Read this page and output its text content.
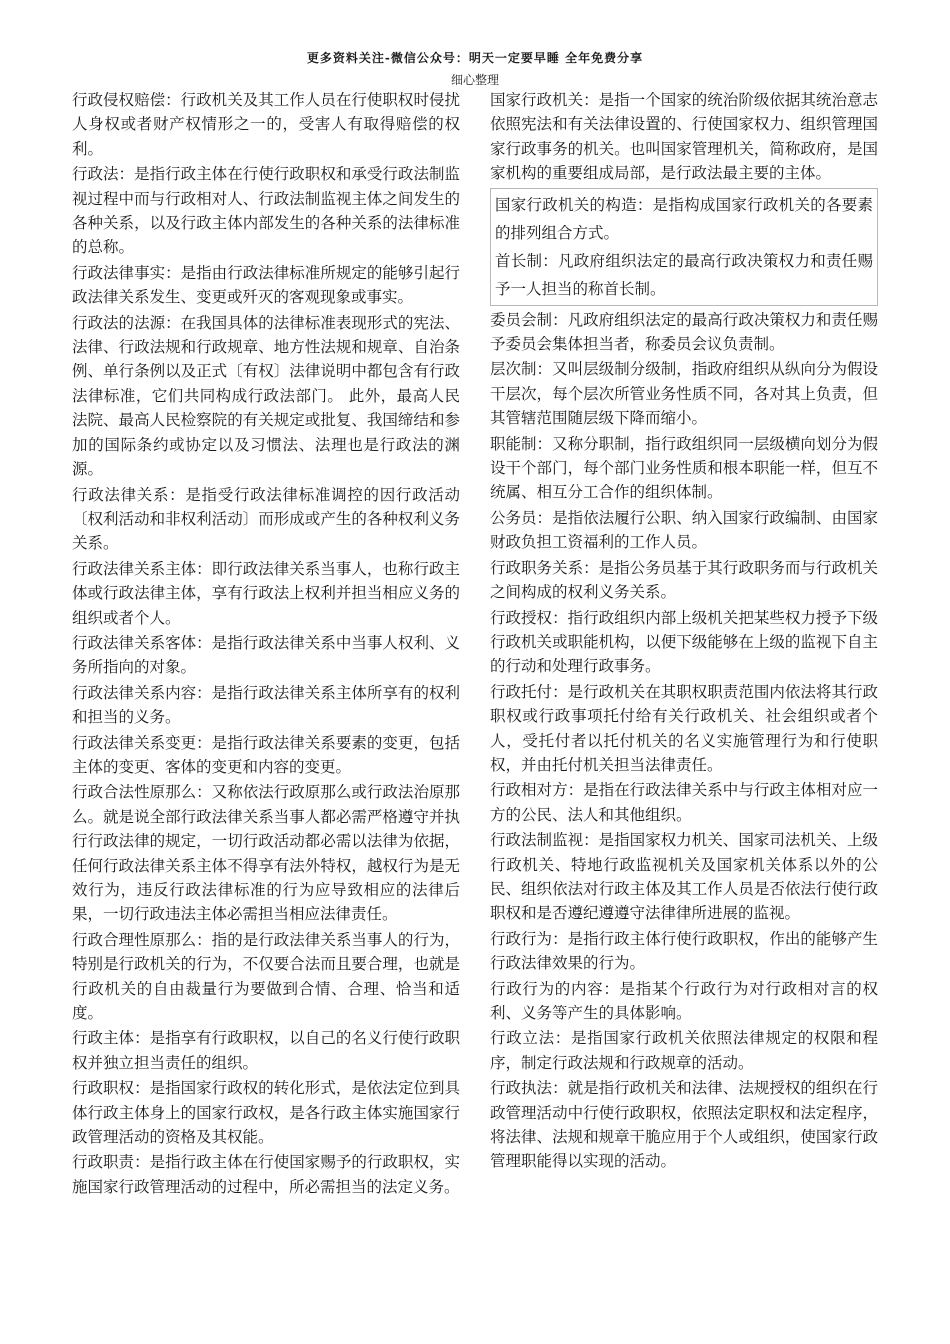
更多资料关注-微信公众号：明天一定要早睡 全年免费分享
细心整理

行政侵权赔偿：行政机关及其工作人员在行使职权时侵扰人身权或者财产权情形之一的，受害人有取得赔偿的权利。

行政法：是指行政主体在行使行政职权和承受行政法制监视过程中而与行政相对人、行政法制监视主体之间发生的各种关系，以及行政主体内部发生的各种关系的法律标准的总称。

行政法律事实：是指由行政法律标准所规定的能够引起行政法律关系发生、变更或歼灭的客观现象或事实。

行政法的法源：在我国具体的法律标准表现形式的宪法、法律、行政法规和行政规章、地方性法规和规章、自治条例、单行条例以及正式〔有权〕法律说明中都包含有行政法律标准，它们共同构成行政法部门。 此外，最高人民法院、最高人民检察院的有关规定或批复、我国缔结和参加的国际条约或协定以及习惯法、法理也是行政法的渊源。

行政法律关系：是指受行政法律标准调控的因行政活动〔权利活动和非权利活动〕而形成或产生的各种权利义务关系。

行政法律关系主体：即行政法律关系当事人，也称行政主体或行政法律主体，享有行政法上权利并担当相应义务的组织或者个人。

行政法律关系客体：是指行政法律关系中当事人权利、义务所指向的对象。

行政法律关系内容：是指行政法律关系主体所享有的权利和担当的义务。

行政法律关系变更：是指行政法律关系要素的变更，包括主体的变更、客体的变更和内容的变更。

行政合法性原那么：又称依法行政原那么或行政法治原那么。就是说全部行政法律关系当事人都必需严格遵守并执行行政法律的规定，一切行政活动都必需以法律为依据，任何行政法律关系主体不得享有法外特权，越权行为是无效行为，违反行政法律标准的行为应导致相应的法律后果，一切行政违法主体必需担当相应法律责任。

行政合理性原那么：指的是行政法律关系当事人的行为，特别是行政机关的行为，不仅要合法而且要合理，也就是行政机关的自由裁量行为要做到合情、合理、恰当和适度。

行政主体：是指享有行政职权，以自己的名义行使行政职权并独立担当责任的组织。

行政职权：是指国家行政权的转化形式，是依法定位到具体行政主体身上的国家行政权，是各行政主体实施国家行政管理活动的资格及其权能。

行政职责：是指行政主体在行使国家赐予的行政职权，实施国家行政管理活动的过程中，所必需担当的法定义务。

国家行政机关：是指一个国家的统治阶级依据其统治意志依照宪法和有关法律设置的、行使国家权力、组织管理国家行政事务的机关。也叫国家管理机关，简称政府，是国家机构的重要组成局部，是行政法最主要的主体。

国家行政机关的构造：是指构成国家行政机关的各要素的排列组合方式。

首长制：凡政府组织法定的最高行政决策权力和责任赐予一人担当的称首长制。

委员会制：凡政府组织法定的最高行政决策权力和责任赐予委员会集体担当者，称委员会议负责制。

层次制：又叫层级制分级制，指政府组织从纵向分为假设干层次，每个层次所管业务性质不同，各对其上负责，但其管辖范围随层级下降而缩小。

职能制：又称分职制，指行政组织同一层级横向划分为假设干个部门，每个部门业务性质和根本职能一样，但互不统属、相互分工合作的组织体制。

公务员：是指依法履行公职、纳入国家行政编制、由国家财政负担工资福利的工作人员。

行政职务关系：是指公务员基于其行政职务而与行政机关之间构成的权利义务关系。

行政授权：指行政组织内部上级机关把某些权力授予下级行政机关或职能机构，以便下级能够在上级的监视下自主的行动和处理行政事务。

行政托付：是行政机关在其职权职责范围内依法将其行政职权或行政事项托付给有关行政机关、社会组织或者个人，受托付者以托付机关的名义实施管理行为和行使职权，并由托付机关担当法律责任。

行政相对方：是指在行政法律关系中与行政主体相对应一方的公民、法人和其他组织。

行政法制监视：是指国家权力机关、国家司法机关、上级行政机关、特地行政监视机关及国家机关体系以外的公民、组织依法对行政主体及其工作人员是否依法行使行政职权和是否遵纪遵遵守法律律所进展的监视。

行政行为：是指行政主体行使行政职权，作出的能够产生行政法律效果的行为。

行政行为的内容：是指某个行政行为对行政相对言的权利、义务等产生的具体影响。

行政立法：是指国家行政机关依照法律规定的权限和程序，制定行政法规和行政规章的活动。

行政执法：就是指行政机关和法律、法规授权的组织在行政管理活动中行使行政职权，依照法定职权和法定程序，将法律、法规和规章干脆应用于个人或组织，使国家行政管理职能得以实现的活动。
